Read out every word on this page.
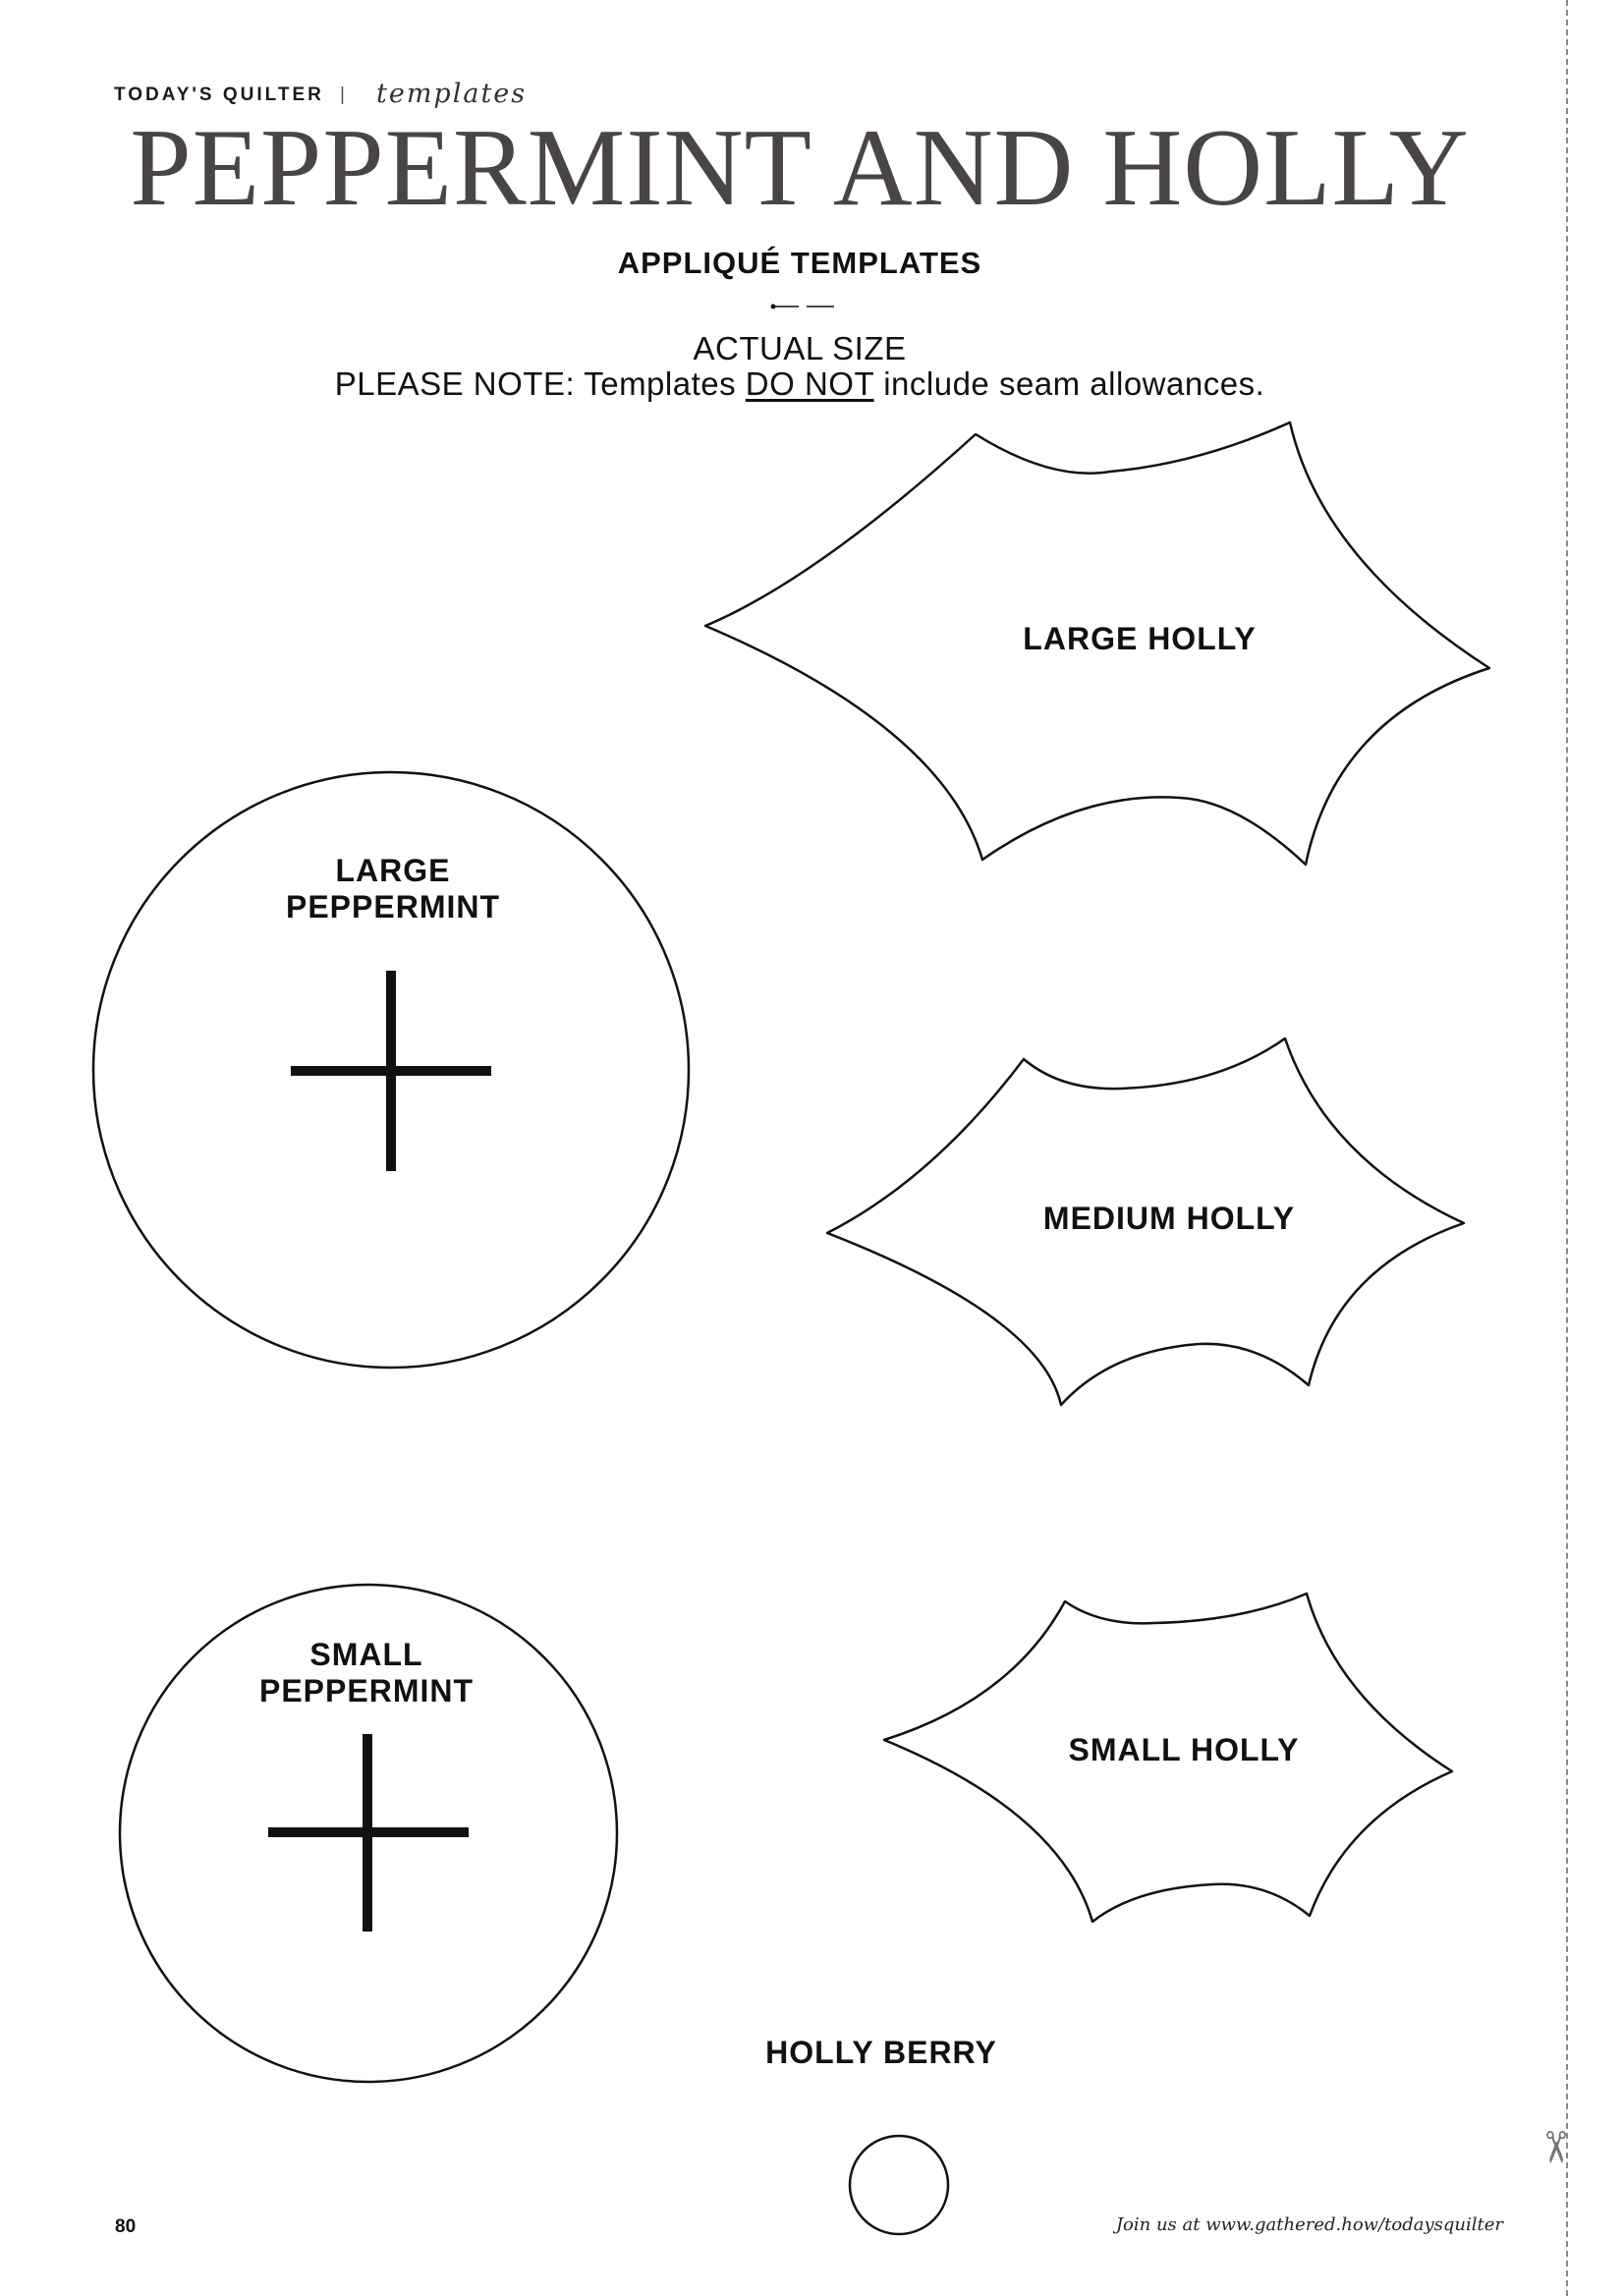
TODAY'S QUILTER | templates
PEPPERMINT AND HOLLY
APPLIQUÉ TEMPLATES
ACTUAL SIZE
PLEASE NOTE: Templates DO NOT include seam allowances.
LARGE HOLLY
MEDIUM HOLLY
SMALL HOLLY
LARGE
PEPPERMINT
SMALL
PEPPERMINT
HOLLY BERRY
✂
80	Join us at www.gathered.how/todaysquilter
